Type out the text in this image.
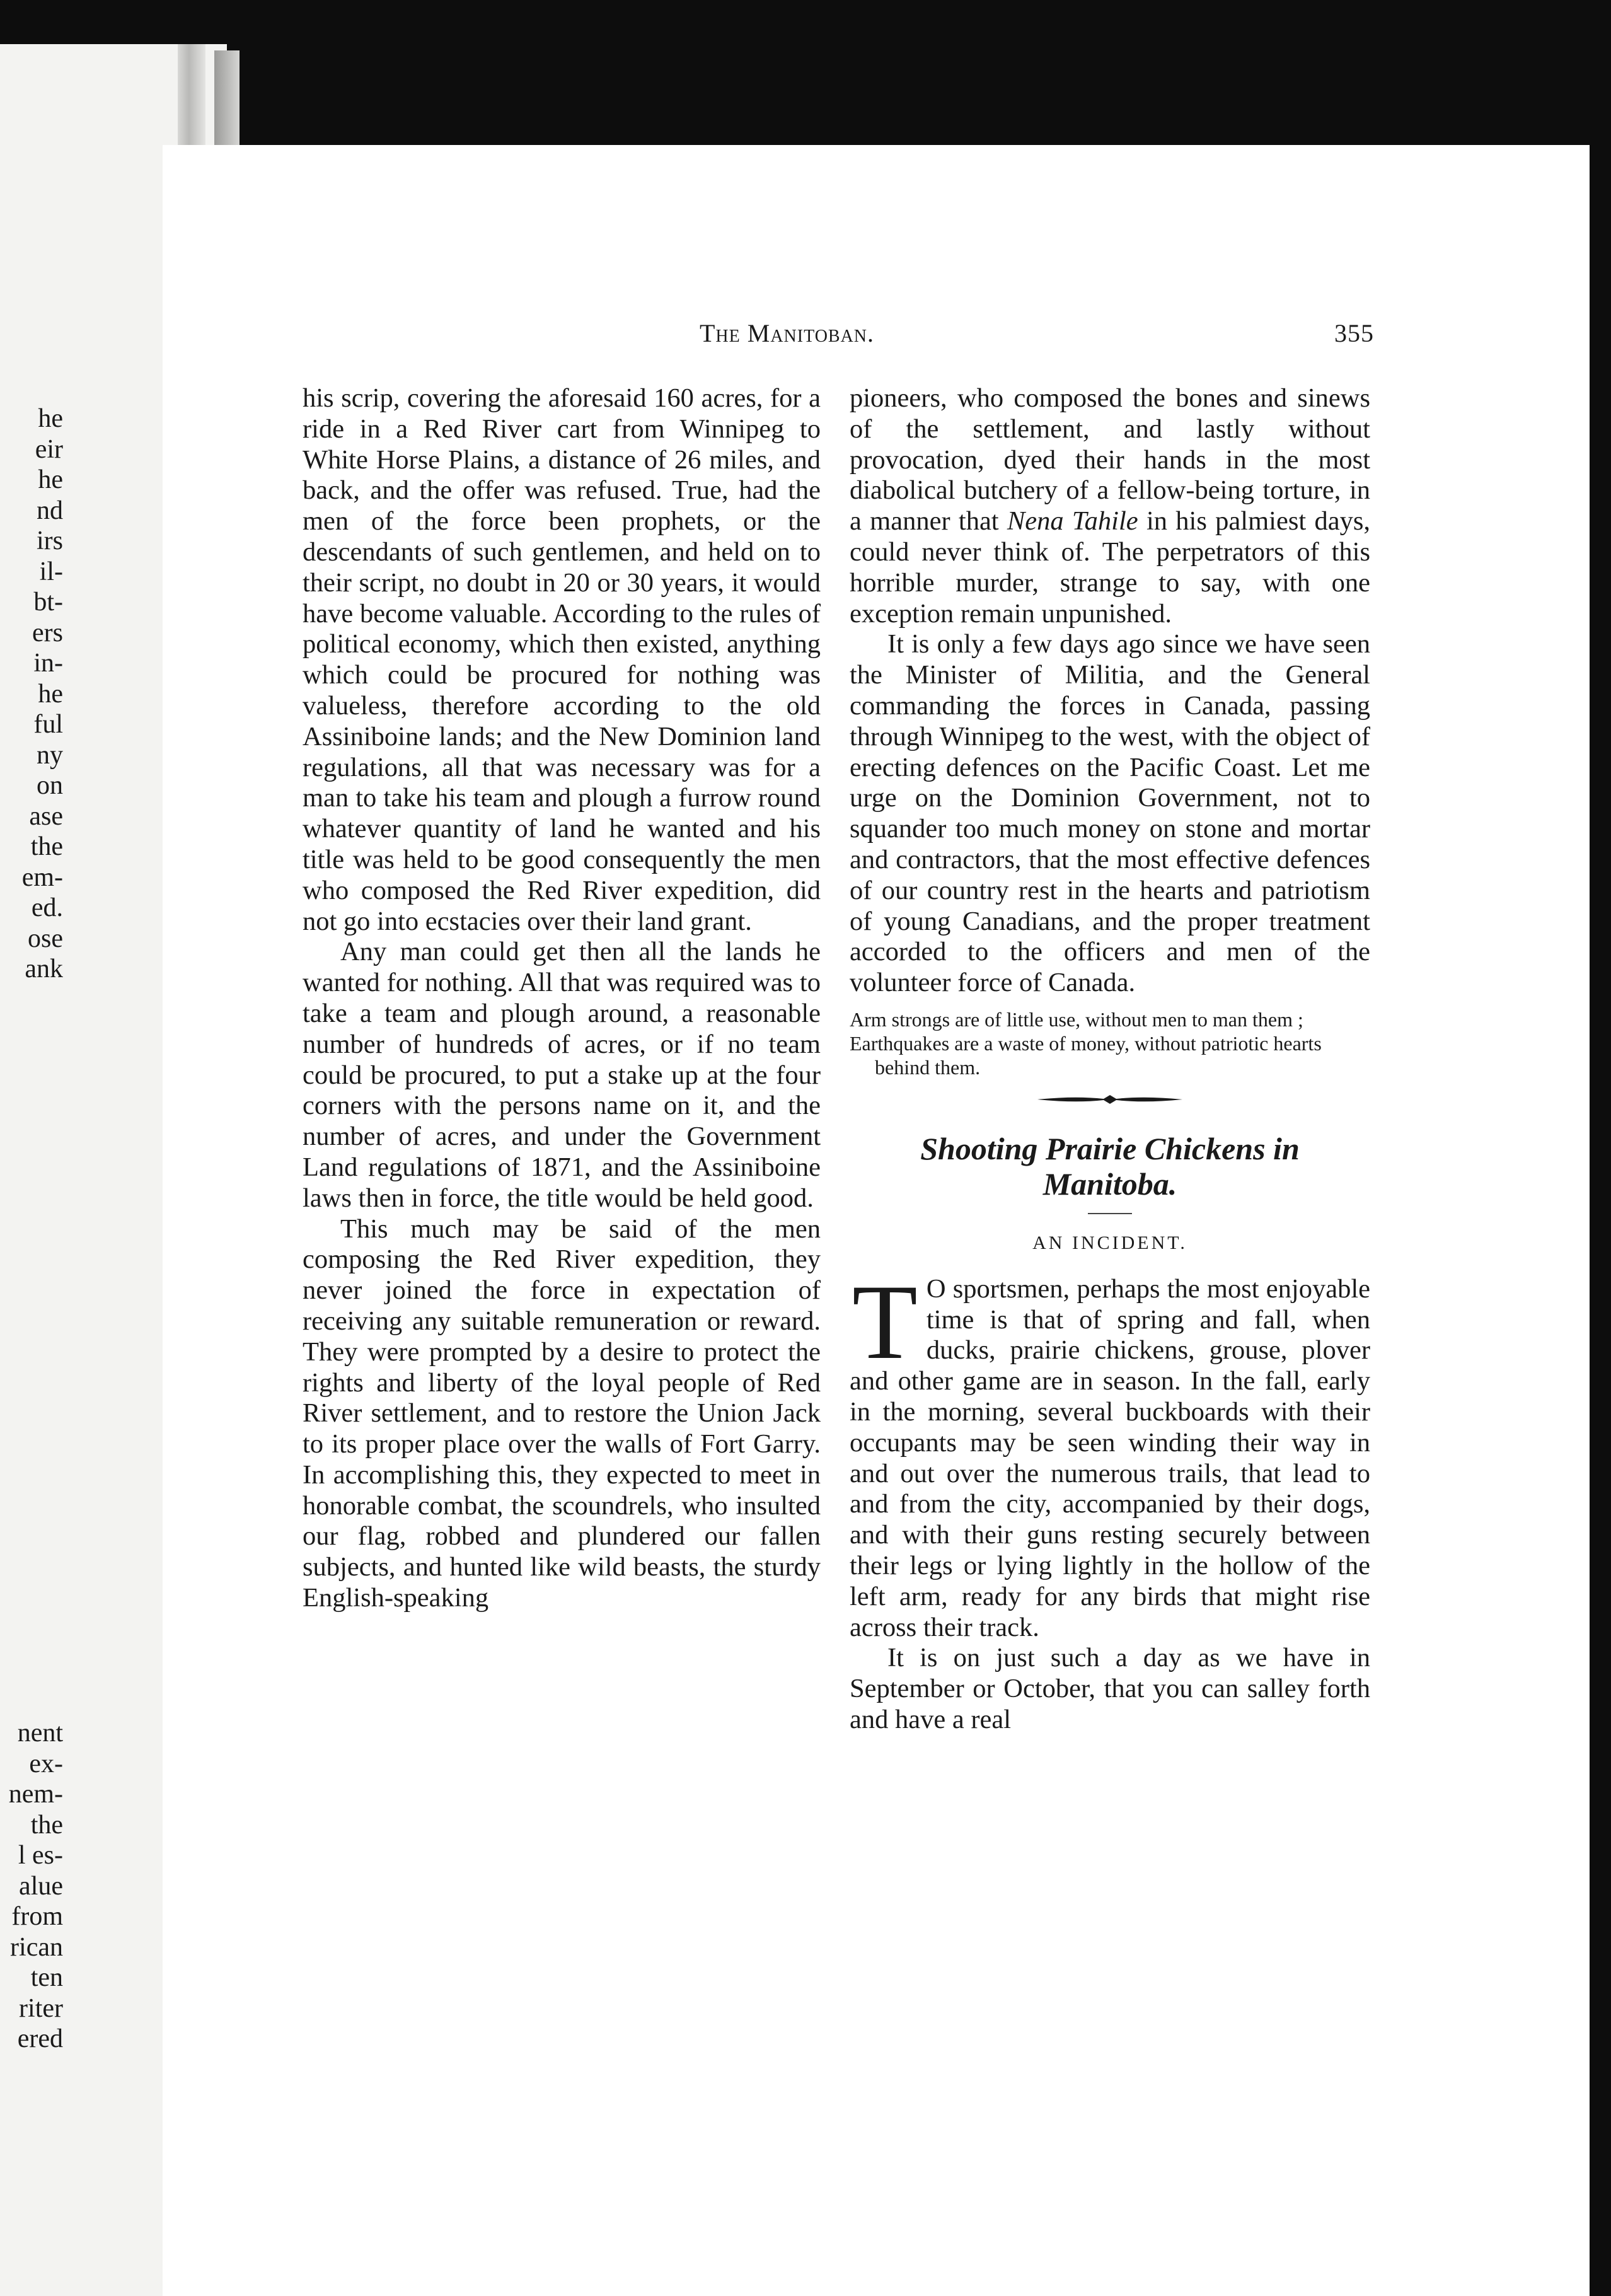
he
eir
he
nd
irs
il-
bt-
ers
in-
he
ful
ny
on
ase
the
em-
ed.
ose
ank
nent
ex-
nem-
the
l es-
alue
from
rican
ten
riter
ered
The Manitoban.	355

his scrip, covering the aforesaid 160 acres, for a ride in a Red River cart from Winnipeg to White Horse Plains, a distance of 26 miles, and back, and the offer was refused. True, had the men of the force been prophets, or the descendants of such gentlemen, and held on to their script, no doubt in 20 or 30 years, it would have become valuable. According to the rules of political economy, which then existed, anything which could be procured for nothing was valueless, therefore according to the old Assiniboine lands; and the New Dominion land regulations, all that was necessary was for a man to take his team and plough a furrow round whatever quantity of land he wanted and his title was held to be good consequently the men who composed the Red River expedition, did not go into ecstacies over their land grant.

Any man could get then all the lands he wanted for nothing. All that was required was to take a team and plough around, a reasonable number of hundreds of acres, or if no team could be procured, to put a stake up at the four corners with the persons name on it, and the number of acres, and under the Government Land regulations of 1871, and the Assiniboine laws then in force, the title would be held good.

This much may be said of the men composing the Red River expedition, they never joined the force in expectation of receiving any suitable remuneration or reward. They were prompted by a desire to protect the rights and liberty of the loyal people of Red River settlement, and to restore the Union Jack to its proper place over the walls of Fort Garry. In accomplishing this, they expected to meet in honorable combat, the scoundrels, who insulted our flag, robbed and plundered our fallen subjects, and hunted like wild beasts, the sturdy English-speaking

pioneers, who composed the bones and sinews of the settlement, and lastly without provocation, dyed their hands in the most diabolical butchery of a fellow-being torture, in a manner that Nena Tahile in his palmiest days, could never think of. The perpetrators of this horrible murder, strange to say, with one exception remain unpunished.

It is only a few days ago since we have seen the Minister of Militia, and the General commanding the forces in Canada, passing through Winnipeg to the west, with the object of erecting defences on the Pacific Coast. Let me urge on the Dominion Government, not to squander too much money on stone and mortar and contractors, that the most effective defences of our country rest in the hearts and patriotism of young Canadians, and the proper treatment accorded to the officers and men of the volunteer force of Canada.

Arm strongs are of little use, without men to man them ;
Earthquakes are a waste of money, without patriotic hearts behind them.

Shooting Prairie Chickens in
Manitoba.

AN INCIDENT.

T O sportsmen, perhaps the most enjoyable time is that of spring and fall, when ducks, prairie chickens, grouse, plover and other game are in season. In the fall, early in the morning, several buckboards with their occupants may be seen winding their way in and out over the numerous trails, that lead to and from the city, accompanied by their dogs, and with their guns resting securely between their legs or lying lightly in the hollow of the left arm, ready for any birds that might rise across their track.

It is on just such a day as we have in September or October, that you can salley forth and have a real
